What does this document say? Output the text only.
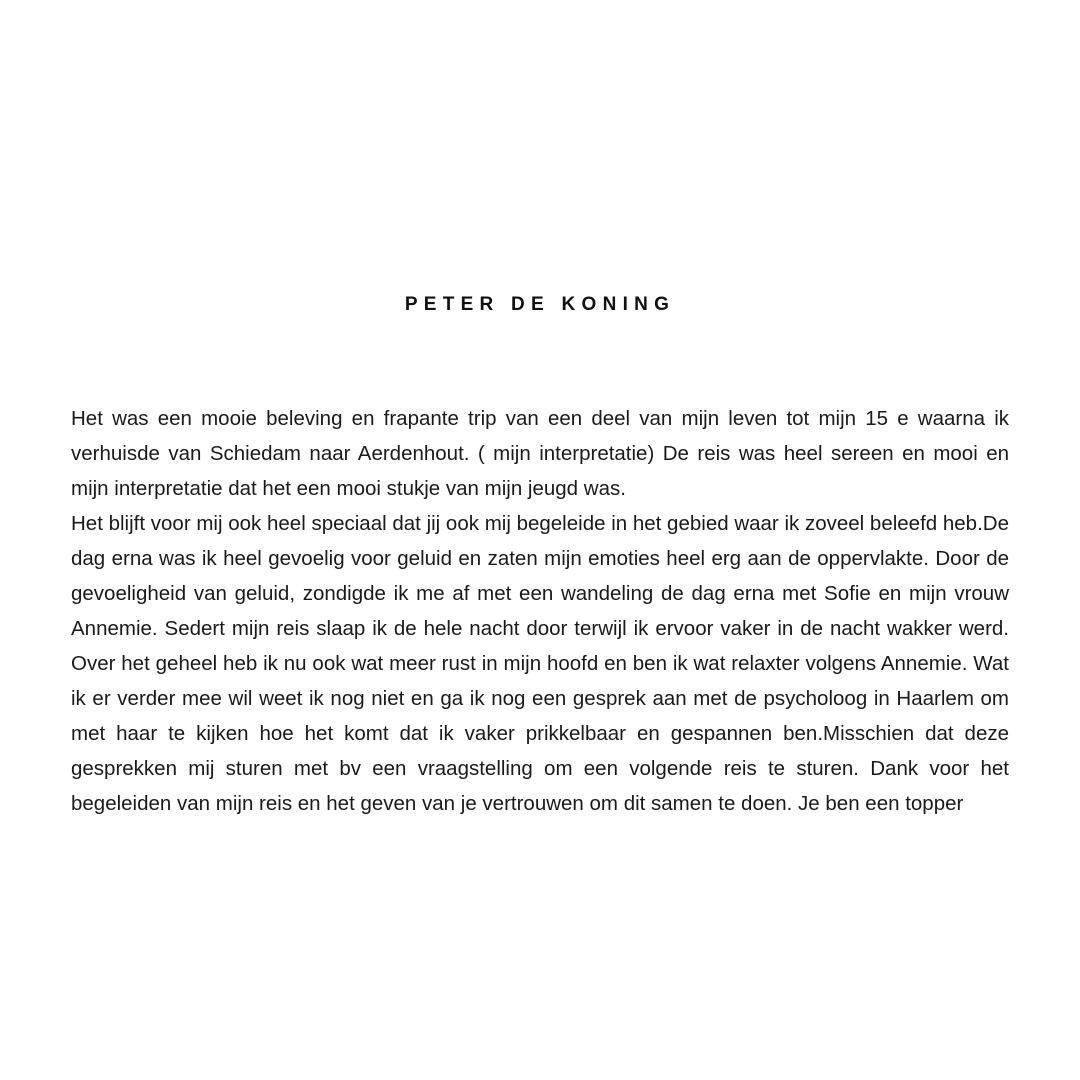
PETER DE KONING

Het was een mooie beleving en frapante trip van een deel van mijn leven tot mijn 15 e waarna ik verhuisde van Schiedam naar Aerdenhout. ( mijn interpretatie) De reis was heel sereen en mooi en mijn interpretatie dat het een mooi stukje van mijn jeugd was.

Het blijft voor mij ook heel speciaal dat jij ook mij begeleide in het gebied waar ik zoveel beleefd heb.De dag erna was ik heel gevoelig voor geluid en zaten mijn emoties heel erg aan de oppervlakte. Door de gevoeligheid van geluid, zondigde ik me af met een wandeling de dag erna met Sofie en mijn vrouw Annemie. Sedert mijn reis slaap ik de hele nacht door terwijl ik ervoor vaker in de nacht wakker werd. Over het geheel heb ik nu ook wat meer rust in mijn hoofd en ben ik wat relaxter volgens Annemie. Wat ik er verder mee wil weet ik nog niet en ga ik nog een gesprek aan met de psycholoog in Haarlem om met haar te kijken hoe het komt dat ik vaker prikkelbaar en gespannen ben.Misschien dat deze gesprekken mij sturen met bv een vraagstelling om een volgende reis te sturen. Dank voor het begeleiden van mijn reis en het geven van je vertrouwen om dit samen te doen. Je ben een topper
